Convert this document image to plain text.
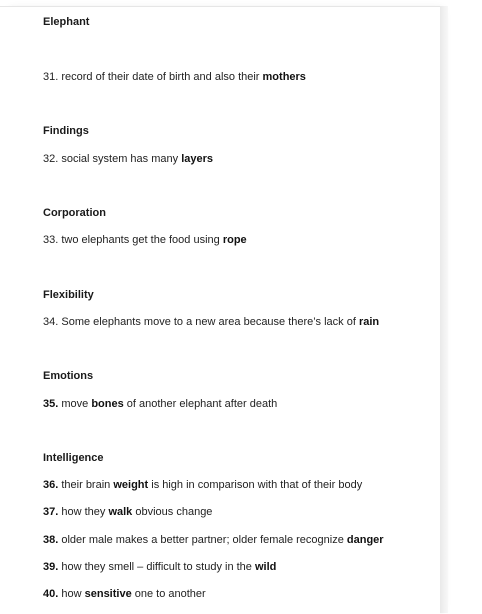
Elephant
31. record of their date of birth and also their mothers
Findings
32. social system has many layers
Corporation
33. two elephants get the food using rope
Flexibility
34. Some elephants move to a new area because there’s lack of rain
Emotions
35. move bones of another elephant after death
Intelligence
36. their brain weight is high in comparison with that of their body
37. how they walk obvious change
38. older male makes a better partner; older female recognize danger
39. how they smell – difficult to study in the wild
40. how sensitive one to another
